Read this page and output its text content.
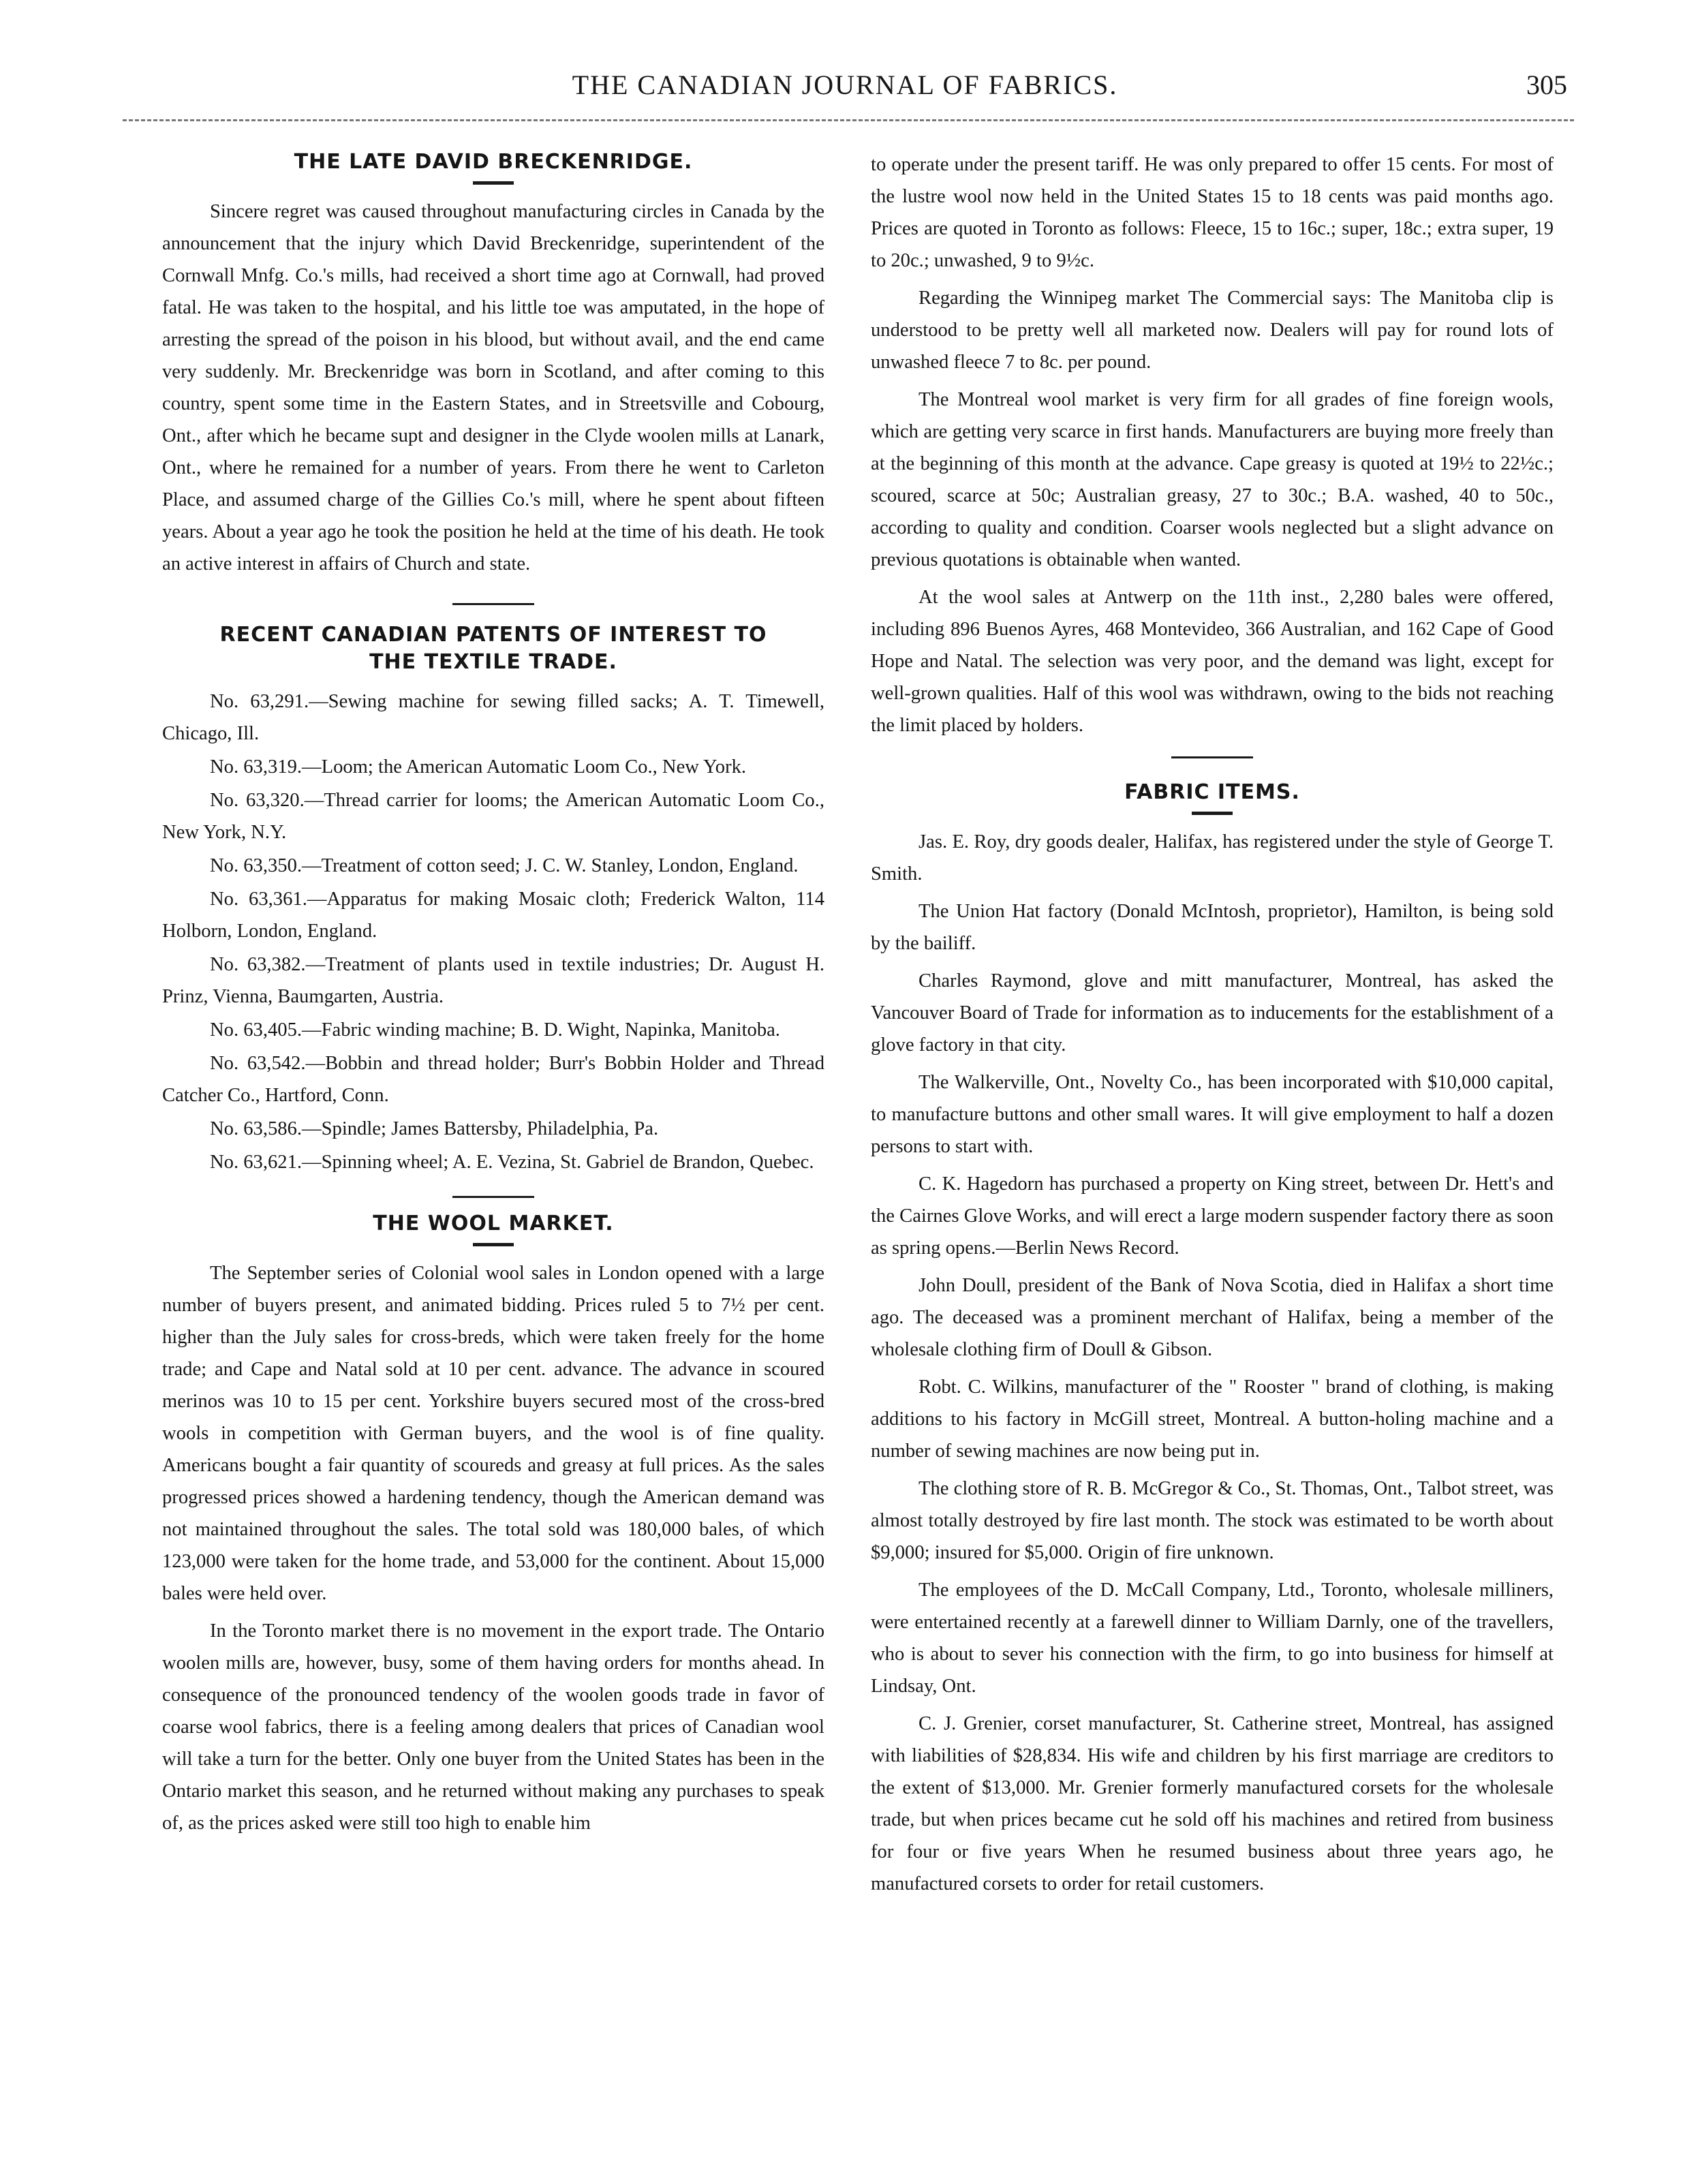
THE CANADIAN JOURNAL OF FABRICS.	305
THE LATE DAVID BRECKENRIDGE.

Sincere regret was caused throughout manufacturing circles in Canada by the announcement that the injury which David Breckenridge, superintendent of the Cornwall Mnfg. Co.'s mills, had received a short time ago at Cornwall, had proved fatal. He was taken to the hospital, and his little toe was amputated, in the hope of arresting the spread of the poison in his blood, but without avail, and the end came very suddenly. Mr. Breckenridge was born in Scotland, and after coming to this country, spent some time in the Eastern States, and in Streetsville and Cobourg, Ont., after which he became supt and designer in the Clyde woolen mills at Lanark, Ont., where he remained for a number of years. From there he went to Carleton Place, and assumed charge of the Gillies Co.'s mill, where he spent about fifteen years. About a year ago he took the position he held at the time of his death. He took an active interest in affairs of Church and state.

RECENT CANADIAN PATENTS OF INTEREST TO
THE TEXTILE TRADE.

No. 63,291.—Sewing machine for sewing filled sacks; A. T. Timewell, Chicago, Ill.

No. 63,319.—Loom; the American Automatic Loom Co., New York.

No. 63,320.—Thread carrier for looms; the American Automatic Loom Co., New York, N.Y.

No. 63,350.—Treatment of cotton seed; J. C. W. Stanley, London, England.

No. 63,361.—Apparatus for making Mosaic cloth; Frederick Walton, 114 Holborn, London, England.

No. 63,382.—Treatment of plants used in textile industries; Dr. August H. Prinz, Vienna, Baumgarten, Austria.

No. 63,405.—Fabric winding machine; B. D. Wight, Napinka, Manitoba.

No. 63,542.—Bobbin and thread holder; Burr's Bobbin Holder and Thread Catcher Co., Hartford, Conn.

No. 63,586.—Spindle; James Battersby, Philadelphia, Pa.

No. 63,621.—Spinning wheel; A. E. Vezina, St. Gabriel de Brandon, Quebec.

THE WOOL MARKET.

The September series of Colonial wool sales in London opened with a large number of buyers present, and animated bidding. Prices ruled 5 to 7½ per cent. higher than the July sales for cross-breds, which were taken freely for the home trade; and Cape and Natal sold at 10 per cent. advance. The advance in scoured merinos was 10 to 15 per cent. Yorkshire buyers secured most of the cross-bred wools in competition with German buyers, and the wool is of fine quality. Americans bought a fair quantity of scoureds and greasy at full prices. As the sales progressed prices showed a hardening tendency, though the American demand was not maintained throughout the sales. The total sold was 180,000 bales, of which 123,000 were taken for the home trade, and 53,000 for the continent. About 15,000 bales were held over.

In the Toronto market there is no movement in the export trade. The Ontario woolen mills are, however, busy, some of them having orders for months ahead. In consequence of the pronounced tendency of the woolen goods trade in favor of coarse wool fabrics, there is a feeling among dealers that prices of Canadian wool will take a turn for the better. Only one buyer from the United States has been in the Ontario market this season, and he returned without making any purchases to speak of, as the prices asked were still too high to enable him

to operate under the present tariff. He was only prepared to offer 15 cents. For most of the lustre wool now held in the United States 15 to 18 cents was paid months ago. Prices are quoted in Toronto as follows: Fleece, 15 to 16c.; super, 18c.; extra super, 19 to 20c.; unwashed, 9 to 9½c.

Regarding the Winnipeg market The Commercial says: The Manitoba clip is understood to be pretty well all marketed now. Dealers will pay for round lots of unwashed fleece 7 to 8c. per pound.

The Montreal wool market is very firm for all grades of fine foreign wools, which are getting very scarce in first hands. Manufacturers are buying more freely than at the beginning of this month at the advance. Cape greasy is quoted at 19½ to 22½c.; scoured, scarce at 50c; Australian greasy, 27 to 30c.; B.A. washed, 40 to 50c., according to quality and condition. Coarser wools neglected but a slight advance on previous quotations is obtainable when wanted.

At the wool sales at Antwerp on the 11th inst., 2,280 bales were offered, including 896 Buenos Ayres, 468 Montevideo, 366 Australian, and 162 Cape of Good Hope and Natal. The selection was very poor, and the demand was light, except for well-grown qualities. Half of this wool was withdrawn, owing to the bids not reaching the limit placed by holders.

FABRIC ITEMS.

Jas. E. Roy, dry goods dealer, Halifax, has registered under the style of George T. Smith.

The Union Hat factory (Donald McIntosh, proprietor), Hamilton, is being sold by the bailiff.

Charles Raymond, glove and mitt manufacturer, Montreal, has asked the Vancouver Board of Trade for information as to inducements for the establishment of a glove factory in that city.

The Walkerville, Ont., Novelty Co., has been incorporated with $10,000 capital, to manufacture buttons and other small wares. It will give employment to half a dozen persons to start with.

C. K. Hagedorn has purchased a property on King street, between Dr. Hett's and the Cairnes Glove Works, and will erect a large modern suspender factory there as soon as spring opens.—Berlin News Record.

John Doull, president of the Bank of Nova Scotia, died in Halifax a short time ago. The deceased was a prominent merchant of Halifax, being a member of the wholesale clothing firm of Doull & Gibson.

Robt. C. Wilkins, manufacturer of the " Rooster " brand of clothing, is making additions to his factory in McGill street, Montreal. A button-holing machine and a number of sewing machines are now being put in.

The clothing store of R. B. McGregor & Co., St. Thomas, Ont., Talbot street, was almost totally destroyed by fire last month. The stock was estimated to be worth about $9,000; insured for $5,000. Origin of fire unknown.

The employees of the D. McCall Company, Ltd., Toronto, wholesale milliners, were entertained recently at a farewell dinner to William Darnly, one of the travellers, who is about to sever his connection with the firm, to go into business for himself at Lindsay, Ont.

C. J. Grenier, corset manufacturer, St. Catherine street, Montreal, has assigned with liabilities of $28,834. His wife and children by his first marriage are creditors to the extent of $13,000. Mr. Grenier formerly manufactured corsets for the wholesale trade, but when prices became cut he sold off his machines and retired from business for four or five years When he resumed business about three years ago, he manufactured corsets to order for retail customers.
